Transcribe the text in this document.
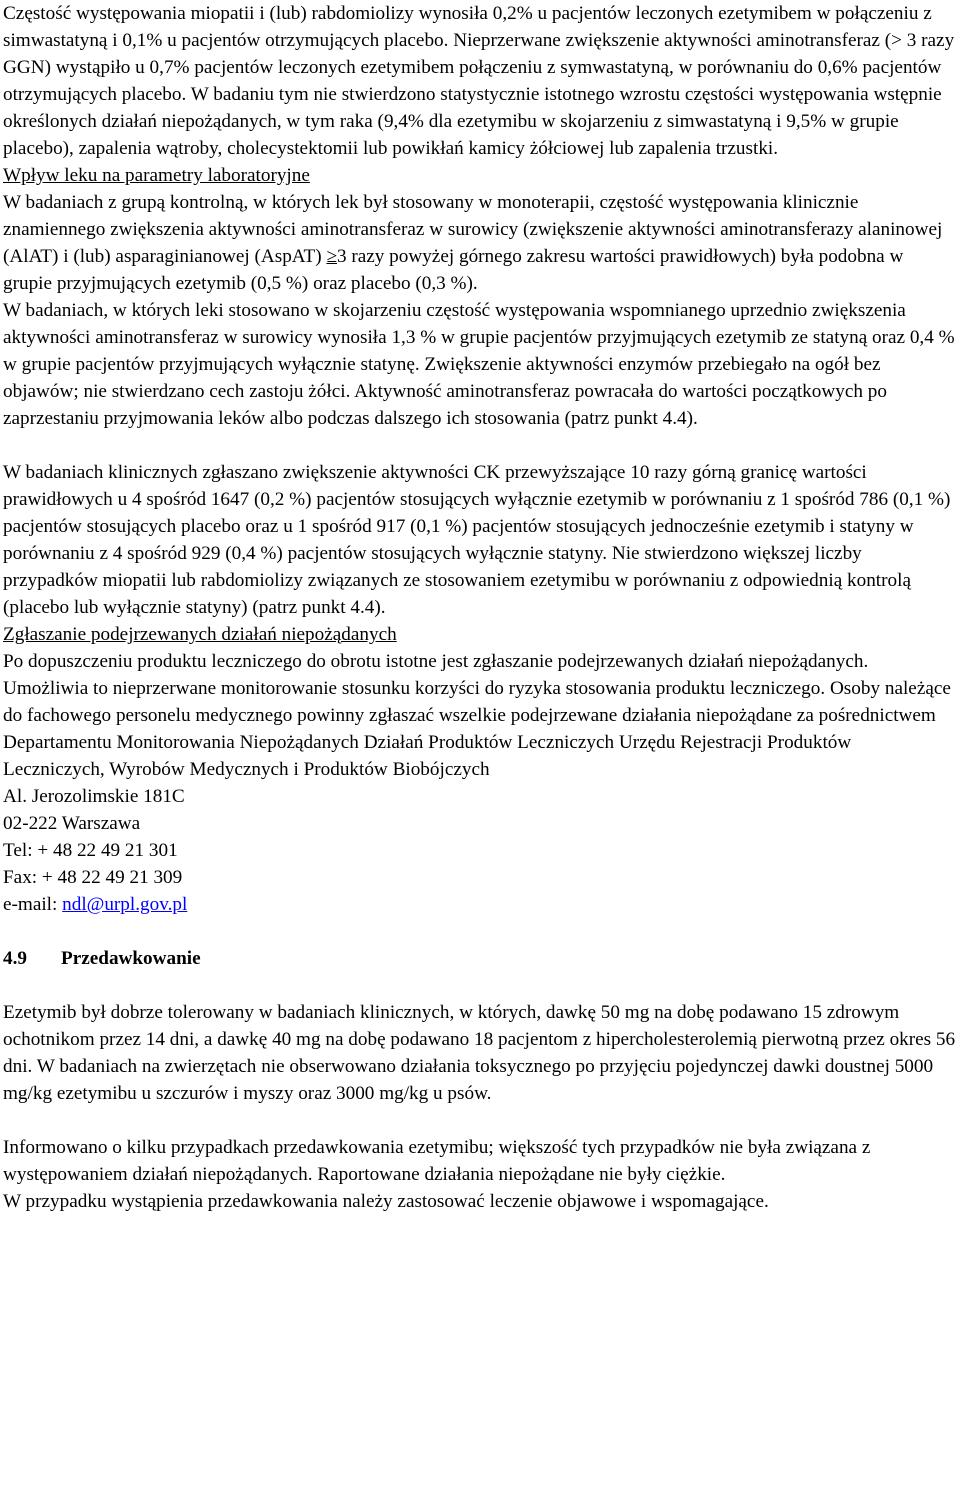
Częstość występowania miopatii i (lub) rabdomiolizy wynosiła 0,2% u pacjentów leczonych ezetymibem w połączeniu z simwastatyną i 0,1% u pacjentów otrzymujących placebo. Nieprzerwane zwiększenie aktywności aminotransferaz (> 3 razy GGN) wystąpiło u 0,7% pacjentów leczonych ezetymibem połączeniu z symwastatyną, w porównaniu do 0,6% pacjentów otrzymujących placebo. W badaniu tym nie stwierdzono statystycznie istotnego wzrostu częstości występowania wstępnie określonych działań niepożądanych, w tym raka (9,4% dla ezetymibu w skojarzeniu z simwastatyną i 9,5% w grupie placebo), zapalenia wątroby, cholecystektomii lub powikłań kamicy żółciowej lub zapalenia trzustki.

Wpływ leku na parametry laboratoryjne

W badaniach z grupą kontrolną, w których lek był stosowany w monoterapii, częstość występowania klinicznie znamiennego zwiększenia aktywności aminotransferaz w surowicy (zwiększenie aktywności aminotransferazy alaninowej (AlAT) i (lub) asparaginianowej (AspAT) ≥3 razy powyżej górnego zakresu wartości prawidłowych) była podobna w grupie przyjmujących ezetymib (0,5 %) oraz placebo (0,3 %).

W badaniach, w których leki stosowano w skojarzeniu częstość występowania wspomnianego uprzednio zwiększenia aktywności aminotransferaz w surowicy wynosiła 1,3 % w grupie pacjentów przyjmujących ezetymib ze statyną oraz 0,4 % w grupie pacjentów przyjmujących wyłącznie statynę. Zwiększenie aktywności enzymów przebiegało na ogół bez objawów; nie stwierdzano cech zastoju żółci. Aktywność aminotransferaz powracała do wartości początkowych po zaprzestaniu przyjmowania leków albo podczas dalszego ich stosowania (patrz punkt 4.4).

W badaniach klinicznych zgłaszano zwiększenie aktywności CK przewyższające 10 razy górną granicę wartości prawidłowych u 4 spośród 1647 (0,2 %) pacjentów stosujących wyłącznie ezetymib w porównaniu z 1 spośród 786 (0,1 %) pacjentów stosujących placebo oraz u 1 spośród 917 (0,1 %) pacjentów stosujących jednocześnie ezetymib i statyny w porównaniu z 4 spośród 929 (0,4 %) pacjentów stosujących wyłącznie statyny. Nie stwierdzono większej liczby przypadków miopatii lub rabdomiolizy związanych ze stosowaniem ezetymibu w porównaniu z odpowiednią kontrolą (placebo lub wyłącznie statyny) (patrz punkt 4.4).

Zgłaszanie podejrzewanych działań niepożądanych

Po dopuszczeniu produktu leczniczego do obrotu istotne jest zgłaszanie podejrzewanych działań niepożądanych. Umożliwia to nieprzerwane monitorowanie stosunku korzyści do ryzyka stosowania produktu leczniczego. Osoby należące do fachowego personelu medycznego powinny zgłaszać wszelkie podejrzewane działania niepożądane za pośrednictwem Departamentu Monitorowania Niepożądanych Działań Produktów Leczniczych Urzędu Rejestracji Produktów Leczniczych, Wyrobów Medycznych i Produktów Biobójczych

Al. Jerozolimskie 181C

02-222 Warszawa

Tel: + 48 22 49 21 301

Fax: + 48 22 49 21 309

e-mail: ndl@urpl.gov.pl

4.9 Przedawkowanie

Ezetymib był dobrze tolerowany w badaniach klinicznych, w których, dawkę 50 mg na dobę podawano 15 zdrowym ochotnikom przez 14 dni, a dawkę 40 mg na dobę podawano 18 pacjentom z hipercholesterolemią pierwotną przez okres 56 dni. W badaniach na zwierzętach nie obserwowano działania toksycznego po przyjęciu pojedynczej dawki doustnej 5000 mg/kg ezetymibu u szczurów i myszy oraz 3000 mg/kg u psów.

Informowano o kilku przypadkach przedawkowania ezetymibu; większość tych przypadków nie była związana z występowaniem działań niepożądanych. Raportowane działania niepożądane nie były ciężkie.

W przypadku wystąpienia przedawkowania należy zastosować leczenie objawowe i wspomagające.
